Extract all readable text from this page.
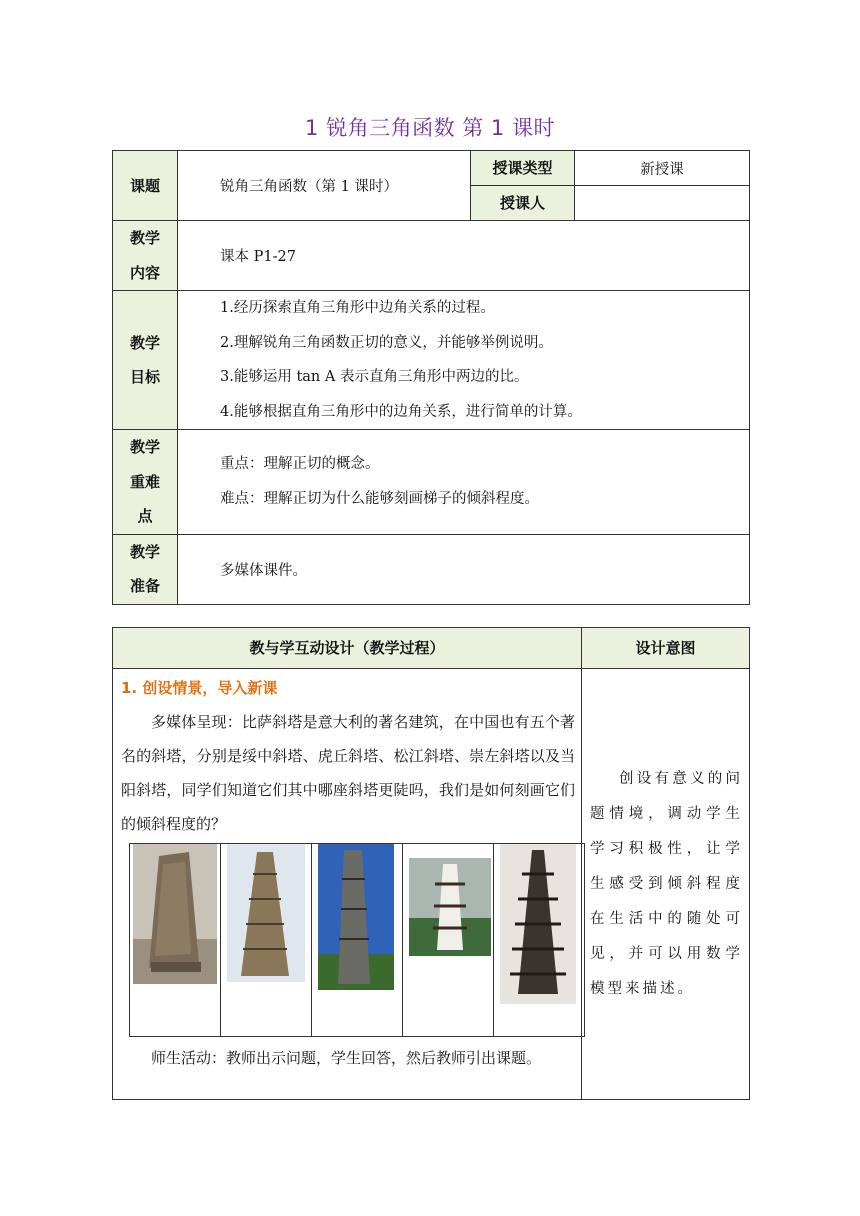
1 锐角三角函数 第 1 课时
课题	锐角三角函数（第 1 课时）	授课类型	新授课
		授课人	

教学
内容	课本 P1-27		

教学
目标	1.经历探索直角三角形中边角关系的过程。
2.理解锐角三角函数正切的意义，并能够举例说明。
3.能够运用 tan A 表示直角三角形中两边的比。
4.能够根据直角三角形中的边角关系，进行简单的计算。		

教学
重难
点	重点：理解正切的概念。
难点：理解正切为什么能够刻画梯子的倾斜程度。		

教学
准备	多媒体课件。		
教与学互动设计（教学过程）	设计意图

1. 创设情景，导入新课
多媒体呈现：比萨斜塔是意大利的著名建筑，在中国也有五个著名的斜塔，分别是绥中斜塔、虎丘斜塔、松江斜塔、崇左斜塔以及当阳斜塔，同学们知道它们其中哪座斜塔更陡吗，我们是如何刻画它们的倾斜程度的？
师生活动：教师出示问题，学生回答，然后教师引出课题。	创设有意义的问题情境，调动学生学习积极性，让学生感受到倾斜程度在生活中的随处可见，并可以用数学模型来描述。
